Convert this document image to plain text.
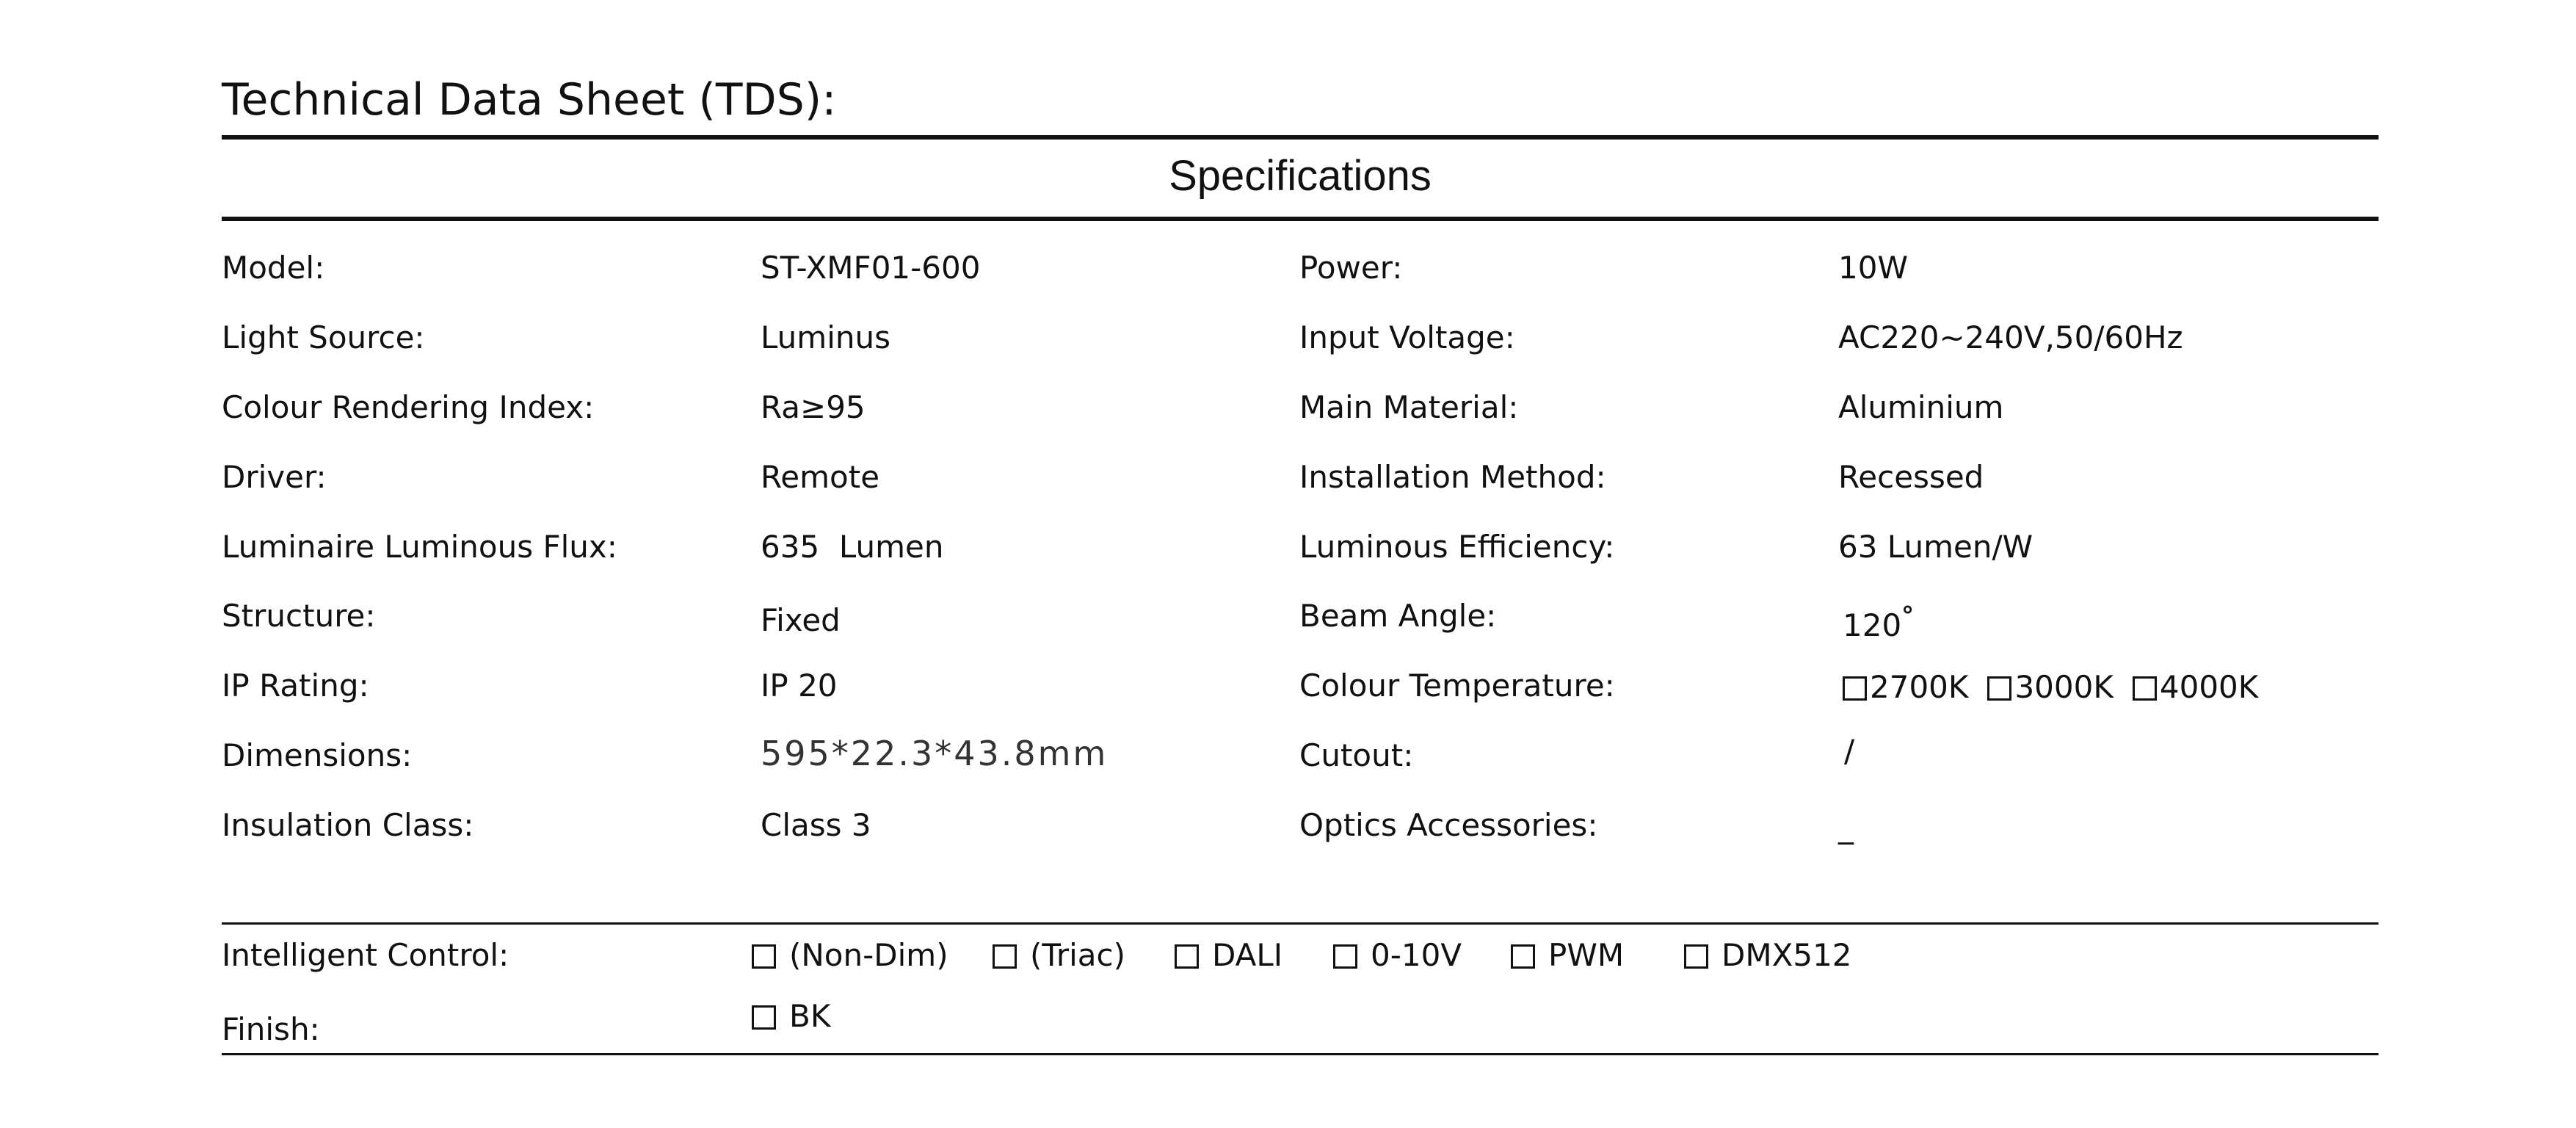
Technical Data Sheet (TDS):
Specifications
Model:	ST-XMF01-600	Power:	10W
Light Source:	Luminus	Input Voltage:	AC220~240V,50/60Hz
Colour Rendering Index:	Ra≥95	Main Material:	Aluminium
Driver:	Remote	Installation Method:	Recessed
Luminaire Luminous Flux:	635  Lumen	Luminous Efficiency:	63 Lumen/W
Structure:	Fixed	Beam Angle:	120°
IP Rating:	IP 20	Colour Temperature:	2700K 3000K 4000K
Dimensions:	595*22.3*43.8mm	Cutout:	/
Insulation Class:	Class 3	Optics Accessories:	_
Intelligent Control:	(Non-Dim)	(Triac)	DALI	0-10V	PWM	DMX512
Finish:	BK
